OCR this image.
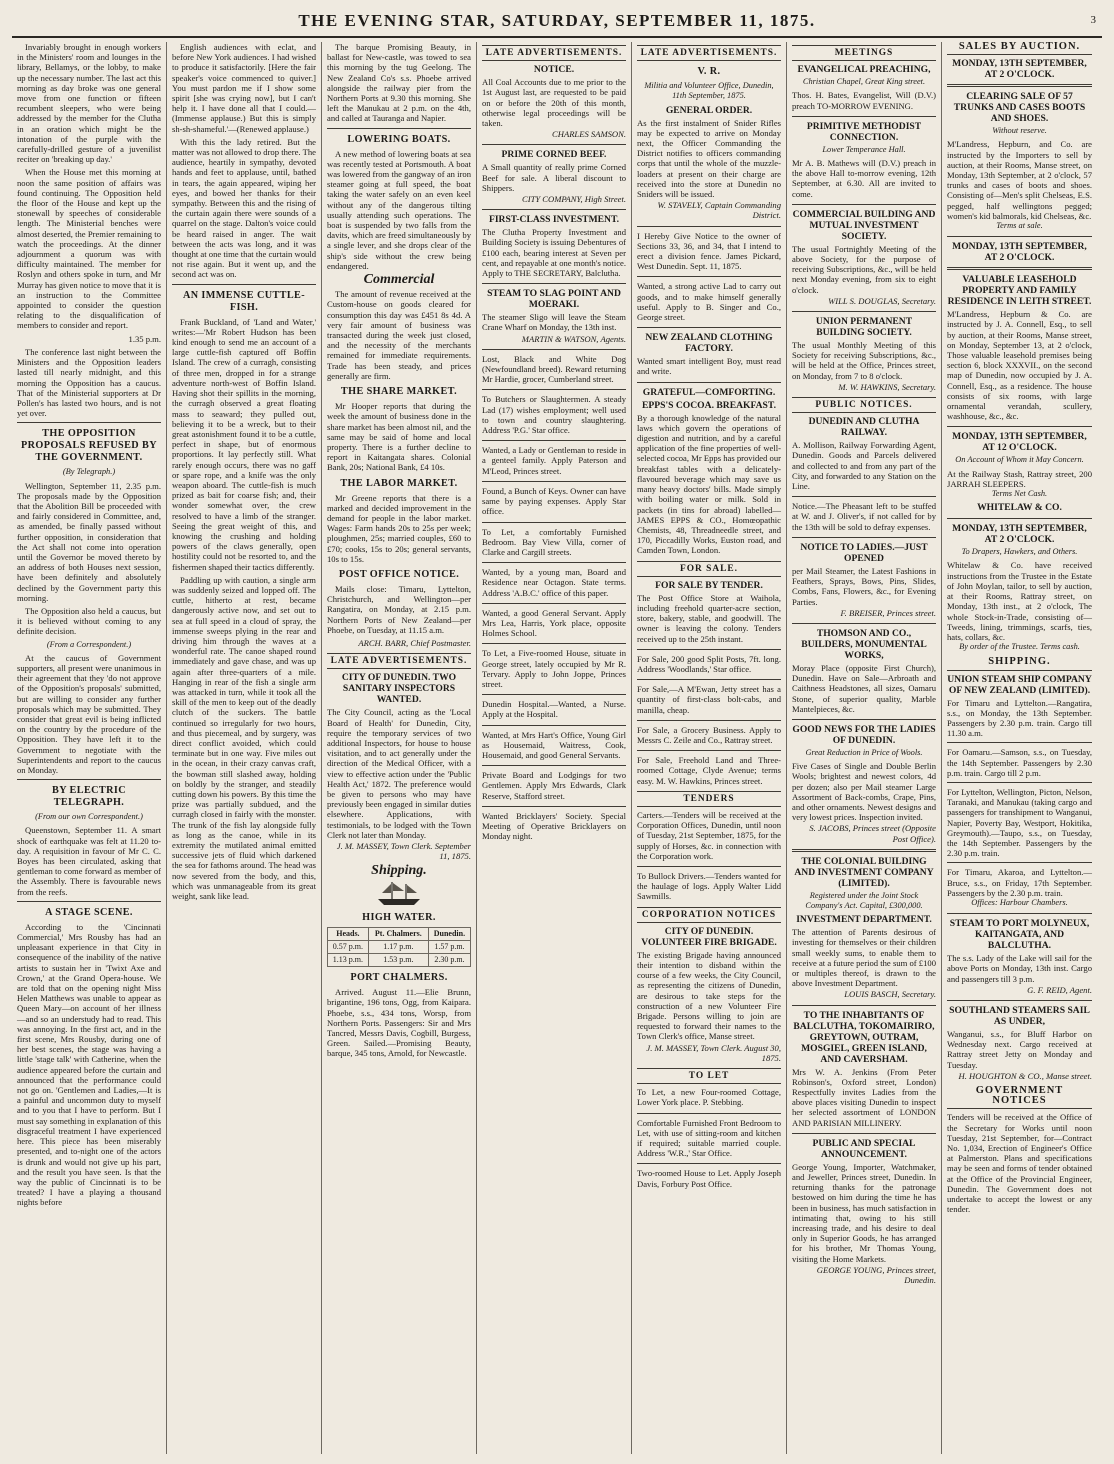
THE EVENING STAR, SATURDAY, SEPTEMBER 11, 1875.	3

Invariably brought in enough workers in the Ministers' room and lounges in the library, Bellamys, or the lobby, to make up the necessary number. The last act this morning as day broke was one general move from one function or fifteen recumbent sleepers, who were being addressed by the member for the Clutha in an oration which might be the intonation of the purple with the carefully-drilled gesture of a juvenilist reciter on 'breaking up day.'

When the House met this morning at noon the same position of affairs was found continuing. The Opposition held the floor of the House and kept up the stonewall by speeches of considerable length. The Ministerial benches were almost deserted, the Premier remaining to watch the proceedings. At the dinner adjournment a quorum was with difficulty maintained. The member for Roslyn and others spoke in turn, and Mr Murray has given notice to move that it is an instruction to the Committee appointed to consider the question relating to the disqualification of members to consider and report.

1.35 p.m.

The conference last night between the Ministers and the Opposition leaders lasted till nearly midnight, and this morning the Opposition has a caucus. That of the Ministerial supporters at Dr Pollen's has lasted two hours, and is not yet over.

THE OPPOSITION PROPOSALS REFUSED BY THE GOVERNMENT.
(By Telegraph.)

Wellington, September 11, 2.35 p.m. The proposals made by the Opposition that the Abolition Bill be proceeded with and fairly considered in Committee, and, as amended, be finally passed without further opposition, in consideration that the Act shall not come into operation until the Governor be moved thereto by an address of both Houses next session, have been definitely and absolutely declined by the Government party this morning.

The Opposition also held a caucus, but it is believed without coming to any definite decision.

(From a Correspondent.)

At the caucus of Government supporters, all present were unanimous in their agreement that they 'do not approve of the Opposition's proposals' submitted, but are willing to consider any further proposals which may be submitted. They consider that great evil is being inflicted on the country by the procedure of the Opposition. They have left it to the Government to negotiate with the Superintendents and report to the caucus on Monday.

BY ELECTRIC TELEGRAPH.
(From our own Correspondent.)

Queenstown, September 11. A smart shock of earthquake was felt at 11.20 to-day. A requisition in favour of Mr C. C. Boyes has been circulated, asking that gentleman to come forward as member of the Assembly. There is favourable news from the reefs.

A STAGE SCENE.

According to the 'Cincinnati Commercial,' Mrs Rousby has had an unpleasant experience in that City in consequence of the inability of the native artists to sustain her in 'Twixt Axe and Crown,' at the Grand Opera-house. We are told that on the opening night Miss Helen Matthews was unable to appear as Queen Mary—on account of her illness—and so an understudy had to read. This was annoying. In the first act, and in the first scene, Mrs Rousby, during one of her best scenes, the stage was having a little 'stage talk' with Catherine, when the audience appeared before the curtain and announced that the performance could not go on. 'Gentlemen and Ladies,—It is a painful and uncommon duty to myself and to you that I have to perform. But I must say something in explanation of this disgraceful treatment I have experienced here. This piece has been miserably presented, and to-night one of the actors is drunk and would not give up his part, and the result you have seen. Is that the way the public of Cincinnati is to be treated? I have a playing a thousand nights before

English audiences with eclat, and before New York audiences. I had wished to produce it satisfactorily. [Here the fair speaker's voice commenced to quiver.] You must pardon me if I show some spirit [she was crying now], but I can't help it. I have done all that I could.—(Immense applause.) But this is simply sh-sh-shameful.'—(Renewed applause.)

With this the lady retired. But the matter was not allowed to drop there. The audience, heartily in sympathy, devoted hands and feet to applause, until, bathed in tears, the again appeared, wiping her eyes, and bowed her thanks for their sympathy. Between this and the rising of the curtain again there were sounds of a quarrel on the stage. Dalton's voice could be heard raised in anger. The wait between the acts was long, and it was thought at one time that the curtain would not rise again. But it went up, and the second act was on.

AN IMMENSE CUTTLE-FISH.

Frank Buckland, of 'Land and Water,' writes:—'Mr Robert Hudson has been kind enough to send me an account of a large cuttle-fish captured off Boffin Island. The crew of a curragh, consisting of three men, dropped in for a strange adventure north-west of Boffin Island. Having shot their spillits in the morning, the curragh observed a great floating mass to seaward; they pulled out, believing it to be a wreck, but to their great astonishment found it to be a cuttle, perfect in shape, but of enormous proportions. It lay perfectly still. What rarely enough occurs, there was no gaff or spare rope, and a knife was the only weapon aboard. The cuttle-fish is much prized as bait for coarse fish; and, their wonder somewhat over, the crew resolved to have a limb of the stranger. Seeing the great weight of this, and knowing the crushing and holding powers of the claws generally, open hostility could not be resorted to, and the fishermen shaped their tactics differently.

Paddling up with caution, a single arm was suddenly seized and lopped off. The cuttle, hitherto at rest, became dangerously active now, and set out to sea at full speed in a cloud of spray, the immense sweeps plying in the rear and driving him through the waves at a wonderful rate. The canoe shaped round immediately and gave chase, and was up again after three-quarters of a mile. Hanging in rear of the fish a single arm was attacked in turn, while it took all the skill of the men to keep out of the deadly clutch of the suckers. The battle continued so irregularly for two hours, and thus piecemeal, and by surgery, was direct conflict avoided, which could terminate but in one way. Five miles out in the ocean, in their crazy canvas craft, the bowman still slashed away, holding on boldly by the stranger, and steadily cutting down his powers. By this time the prize was partially subdued, and the curragh closed in fairly with the monster. The trunk of the fish lay alongside fully as long as the canoe, while in its extremity the mutilated animal emitted successive jets of fluid which darkened the sea for fathoms around. The head was now severed from the body, and this, which was unmanageable from its great weight, sank like lead.

The barque Promising Beauty, in ballast for New-castle, was towed to sea this morning by the tug Geelong. The New Zealand Co's s.s. Phoebe arrived alongside the railway pier from the Northern Ports at 9.30 this morning. She left the Manukau at 2 p.m. on the 4th, and called at Tauranga and Napier.

LOWERING BOATS.

A new method of lowering boats at sea was recently tested at Portsmouth. A boat was lowered from the gangway of an iron steamer going at full speed, the boat taking the water safely on an even keel without any of the dangerous tilting usually attending such operations. The boat is suspended by two falls from the davits, which are freed simultaneously by a single lever, and she drops clear of the ship's side without the crew being endangered.

Commercial

The amount of revenue received at the Custom-house on goods cleared for consumption this day was £451 8s 4d. A very fair amount of business was transacted during the week just closed, and the necessity of the merchants remained for immediate requirements. Trade has been steady, and prices generally are firm.

THE SHARE MARKET.

Mr Hooper reports that during the week the amount of business done in the share market has been almost nil, and the same may be said of home and local property. There is a further decline to report in Kaitangata shares. Colonial Bank, 20s; National Bank, £4 10s.

THE LABOR MARKET.

Mr Greene reports that there is a marked and decided improvement in the demand for people in the labor market. Wages: Farm hands 20s to 25s per week; ploughmen, 25s; married couples, £60 to £70; cooks, 15s to 20s; general servants, 10s to 15s.

POST OFFICE NOTICE.

Mails close: Timaru, Lyttelton, Christchurch, and Wellington—per Rangatira, on Monday, at 2.15 p.m. Northern Ports of New Zealand—per Phoebe, on Tuesday, at 11.15 a.m.

ARCH. BARR, Chief Postmaster.
LATE ADVERTISEMENTS.
CITY OF DUNEDIN. TWO SANITARY INSPECTORS WANTED.
The City Council, acting as the 'Local Board of Health' for Dunedin, City, require the temporary services of two additional Inspectors, for house to house visitation, and to act generally under the direction of the Medical Officer, with a view to effective action under the 'Public Health Act,' 1872. The preference would be given to persons who may have previously been engaged in similar duties elsewhere. Applications, with testimonials, to be lodged with the Town Clerk not later than Monday.
J. M. MASSEY, Town Clerk. September 11, 1875.
Shipping.
HIGH WATER.
Heads.	Pt. Chalmers.	Dunedin.
0.57 p.m.	1.17 p.m.	1.57 p.m.
1.13 p.m.	1.53 p.m.	2.30 p.m.
PORT CHALMERS.

Arrived. August 11.—Elie Brunn, brigantine, 196 tons, Ogg, from Kaipara. Phoebe, s.s., 434 tons, Worsp, from Northern Ports. Passengers: Sir and Mrs Tancred, Messrs Davis, Cogbill, Burgess, Green. Sailed.—Promising Beauty, barque, 345 tons, Arnold, for Newcastle.

LATE ADVERTISEMENTS.
NOTICE.
All Coal Accounts due to me prior to the 1st August last, are requested to be paid on or before the 20th of this month, otherwise legal proceedings will be taken.
CHARLES SAMSON.
PRIME CORNED BEEF.
A Small quantity of really prime Corned Beef for sale. A liberal discount to Shippers.
CITY COMPANY, High Street.
FIRST-CLASS INVESTMENT.
The Clutha Property Investment and Building Society is issuing Debentures of £100 each, bearing interest at Seven per cent, and repayable at one month's notice. Apply to THE SECRETARY, Balclutha.
STEAM TO SLAG POINT AND MOERAKI.
The steamer Sligo will leave the Steam Crane Wharf on Monday, the 13th inst.
MARTIN & WATSON, Agents.
Lost, Black and White Dog (Newfoundland breed). Reward returning Mr Hardie, grocer, Cumberland street.
To Butchers or Slaughtermen. A steady Lad (17) wishes employment; well used to town and country slaughtering. Address 'P.G.' Star office.
Wanted, a Lady or Gentleman to reside in a genteel family. Apply Paterson and M'Leod, Princes street.
Found, a Bunch of Keys. Owner can have same by paying expenses. Apply Star office.
To Let, a comfortably Furnished Bedroom. Bay View Villa, corner of Clarke and Cargill streets.
Wanted, by a young man, Board and Residence near Octagon. State terms. Address 'A.B.C.' office of this paper.
Wanted, a good General Servant. Apply Mrs Lea, Harris, York place, opposite Holmes School.
To Let, a Five-roomed House, situate in George street, lately occupied by Mr R. Tervary. Apply to John Joppe, Princes street.
Dunedin Hospital.—Wanted, a Nurse. Apply at the Hospital.
Wanted, at Mrs Hart's Office, Young Girl as Housemaid, Waitress, Cook, Housemaid, and good General Servants.
Private Board and Lodgings for two Gentlemen. Apply Mrs Edwards, Clark Reserve, Stafford street.
Wanted Bricklayers' Society. Special Meeting of Operative Bricklayers on Monday night.
LATE ADVERTISEMENTS.
V. R.
Militia and Volunteer Office, Dunedin, 11th September, 1875.
GENERAL ORDER.
As the first instalment of Snider Rifles may be expected to arrive on Monday next, the Officer Commanding the District notifies to officers commanding corps that until the whole of the muzzle-loaders at present on their charge are received into the store at Dunedin no Sniders will be issued.
W. STAVELY, Captain Commanding District.
I Hereby Give Notice to the owner of Sections 33, 36, and 34, that I intend to erect a division fence. James Pickard, West Dunedin. Sept. 11, 1875.
Wanted, a strong active Lad to carry out goods, and to make himself generally useful. Apply to B. Singer and Co., George street.
NEW ZEALAND CLOTHING FACTORY.
Wanted smart intelligent Boy, must read and write.
GRATEFUL—COMFORTING.
EPPS'S COCOA. BREAKFAST.
By a thorough knowledge of the natural laws which govern the operations of digestion and nutrition, and by a careful application of the fine properties of well-selected cocoa, Mr Epps has provided our breakfast tables with a delicately-flavoured beverage which may save us many heavy doctors' bills. Made simply with boiling water or milk. Sold in packets (in tins for abroad) labelled—JAMES EPPS & CO., Homœopathic Chemists, 48, Threadneedle street, and 170, Piccadilly Works, Euston road, and Camden Town, London.
FOR SALE.
FOR SALE BY TENDER.
The Post Office Store at Waihola, including freehold quarter-acre section, store, bakery, stable, and goodwill. The owner is leaving the colony. Tenders received up to the 25th instant.
For Sale, 200 good Split Posts, 7ft. long. Address 'Woodlands,' Star office.
For Sale,—A M'Ewan, Jetty street has a quantity of first-class bolt-cabs, and manilla, cheap.
For Sale, a Grocery Business. Apply to Messrs C. Zeile and Co., Rattray street.
For Sale, Freehold Land and Three-roomed Cottage, Clyde Avenue; terms easy. M. W. Hawkins, Princes street.
TENDERS
Carters.—Tenders will be received at the Corporation Offices, Dunedin, until noon of Tuesday, 21st September, 1875, for the supply of Horses, &c. in connection with the Corporation work.
To Bullock Drivers.—Tenders wanted for the haulage of logs. Apply Walter Lidd Sawmills.
CORPORATION NOTICES
CITY OF DUNEDIN. VOLUNTEER FIRE BRIGADE.
The existing Brigade having announced their intention to disband within the course of a few weeks, the City Council, as representing the citizens of Dunedin, are desirous to take steps for the construction of a new Volunteer Fire Brigade. Persons willing to join are requested to forward their names to the Town Clerk's office, Manse street.
J. M. MASSEY, Town Clerk. August 30, 1875.
TO LET
To Let, a new Four-roomed Cottage, Lower York place. P. Stebbing.
Comfortable Furnished Front Bedroom to Let, with use of sitting-room and kitchen if required; suitable married couple. Address 'W.R.,' Star Office.
Two-roomed House to Let. Apply Joseph Davis, Forbury Post Office.
MEETINGS
EVANGELICAL PREACHING,
Christian Chapel, Great King street.
Thos. H. Bates, Evangelist, Will (D.V.) preach TO-MORROW EVENING.
PRIMITIVE METHODIST CONNECTION.
Lower Temperance Hall.
Mr A. B. Mathews will (D.V.) preach in the above Hall to-morrow evening, 12th September, at 6.30. All are invited to come.
COMMERCIAL BUILDING AND MUTUAL INVESTMENT SOCIETY.
The usual Fortnightly Meeting of the above Society, for the purpose of receiving Subscriptions, &c., will be held next Monday evening, from six to eight o'clock.
WILL S. DOUGLAS, Secretary.
UNION PERMANENT BUILDING SOCIETY.
The usual Monthly Meeting of this Society for receiving Subscriptions, &c., will be held at the Office, Princes street, on Monday, from 7 to 8 o'clock.
M. W. HAWKINS, Secretary.
PUBLIC NOTICES.
DUNEDIN AND CLUTHA RAILWAY.
A. Mollison, Railway Forwarding Agent, Dunedin. Goods and Parcels delivered and collected to and from any part of the City, and forwarded to any Station on the Line.
Notice.—The Pheasant left to be stuffed at W. and J. Oliver's, if not called for by the 13th will be sold to defray expenses.
NOTICE TO LADIES.—JUST OPENED
per Mail Steamer, the Latest Fashions in Feathers, Sprays, Bows, Pins, Slides, Combs, Fans, Flowers, &c., for Evening Parties.
F. BREISER, Princes street.
THOMSON AND CO., BUILDERS, MONUMENTAL WORKS,
Moray Place (opposite First Church), Dunedin. Have on Sale—Arbroath and Caithness Headstones, all sizes, Oamaru Stone, of superior quality, Marble Mantelpieces, &c.
GOOD NEWS FOR THE LADIES OF DUNEDIN.
Great Reduction in Price of Wools.
Five Cases of Single and Double Berlin Wools; brightest and newest colors, 4d per dozen; also per Mail steamer Large Assortment of Back-combs, Crape, Pins, and other ornaments. Newest designs and very lowest prices. Inspection invited.
S. JACOBS, Princes street (Opposite Post Office).
THE COLONIAL BUILDING AND INVESTMENT COMPANY (LIMITED).
Registered under the Joint Stock Company's Act. Capital, £300,000.
INVESTMENT DEPARTMENT.
The attention of Parents desirous of investing for themselves or their children small weekly sums, to enable them to receive at a future period the sum of £100 or multiples thereof, is drawn to the above Investment Department.
LOUIS BASCH, Secretary.
TO THE INHABITANTS OF BALCLUTHA, TOKOMAIRIRO, GREYTOWN, OUTRAM, MOSGIEL, GREEN ISLAND, AND CAVERSHAM.
Mrs W. A. Jenkins (From Peter Robinson's, Oxford street, London) Respectfully invites Ladies from the above places visiting Dunedin to inspect her selected assortment of LONDON AND PARISIAN MILLINERY.
PUBLIC AND SPECIAL ANNOUNCEMENT.
George Young, Importer, Watchmaker, and Jeweller, Princes street, Dunedin. In returning thanks for the patronage bestowed on him during the time he has been in business, has much satisfaction in intimating that, owing to his still increasing trade, and his desire to deal only in Superior Goods, he has arranged for his brother, Mr Thomas Young, visiting the Home Markets.
GEORGE YOUNG, Princes street, Dunedin.
SALES BY AUCTION.
MONDAY, 13TH SEPTEMBER, AT 2 O'CLOCK.
CLEARING SALE OF 57 TRUNKS AND CASES BOOTS AND SHOES.
Without reserve.
M'Landress, Hepburn, and Co. are instructed by the Importers to sell by auction, at their Rooms, Manse street, on Monday, 13th September, at 2 o'clock, 57 trunks and cases of boots and shoes. Consisting of—Men's split Chelseas, E.S. pegged, half wellingtons pegged; women's kid balmorals, kid Chelseas, &c.
Terms at sale.
MONDAY, 13TH SEPTEMBER, AT 2 O'CLOCK.
VALUABLE LEASEHOLD PROPERTY AND FAMILY RESIDENCE IN LEITH STREET.
M'Landress, Hepburn & Co. are instructed by J. A. Connell, Esq., to sell by auction, at their Rooms, Manse street, on Monday, September 13, at 2 o'clock, Those valuable leasehold premises being section 6, block XXXVII., on the second map of Dunedin, now occupied by J. A. Connell, Esq., as a residence. The house consists of six rooms, with large ornamental verandah, scullery, washhouse, &c., &c.
MONDAY, 13TH SEPTEMBER, AT 12 O'CLOCK.
On Account of Whom it May Concern.
At the Railway Stash, Rattray street, 200 JARRAH SLEEPERS.
Terms Net Cash.
WHITELAW & CO.
MONDAY, 13TH SEPTEMBER, AT 2 O'CLOCK.
To Drapers, Hawkers, and Others.
Whitelaw & Co. have received instructions from the Trustee in the Estate of John Moylan, tailor, to sell by auction, at their Rooms, Rattray street, on Monday, 13th inst., at 2 o'clock, The whole Stock-in-Trade, consisting of—Tweeds, lining, trimmings, scarfs, ties, hats, collars, &c.
By order of the Trustee. Terms cash.
SHIPPING.
UNION STEAM SHIP COMPANY OF NEW ZEALAND (LIMITED).
For Timaru and Lyttelton.—Rangatira, s.s., on Monday, the 13th September. Passengers by 2.30 p.m. train. Cargo till 11.30 a.m.
For Oamaru.—Samson, s.s., on Tuesday, the 14th September. Passengers by 2.30 p.m. train. Cargo till 2 p.m.
For Lyttelton, Wellington, Picton, Nelson, Taranaki, and Manukau (taking cargo and passengers for transhipment to Wanganui, Napier, Poverty Bay, Westport, Hokitika, Greymouth).—Taupo, s.s., on Tuesday, the 14th September. Passengers by the 2.30 p.m. train.
For Timaru, Akaroa, and Lyttelton.—Bruce, s.s., on Friday, 17th September. Passengers by the 2.30 p.m. train.
Offices: Harbour Chambers.
STEAM TO PORT MOLYNEUX, KAITANGATA, AND BALCLUTHA.
The s.s. Lady of the Lake will sail for the above Ports on Monday, 13th inst. Cargo and passengers till 3 p.m.
G. F. REID, Agent.
SOUTHLAND STEAMERS SAIL AS UNDER,
Wanganui, s.s., for Bluff Harbor on Wednesday next. Cargo received at Rattray street Jetty on Monday and Tuesday.
H. HOUGHTON & CO., Manse street.
GOVERNMENT NOTICES
Tenders will be received at the Office of the Secretary for Works until noon Tuesday, 21st September, for—Contract No. 1,034, Erection of Engineer's Office at Palmerston. Plans and specifications may be seen and forms of tender obtained at the Office of the Provincial Engineer, Dunedin. The Government does not undertake to accept the lowest or any tender.
